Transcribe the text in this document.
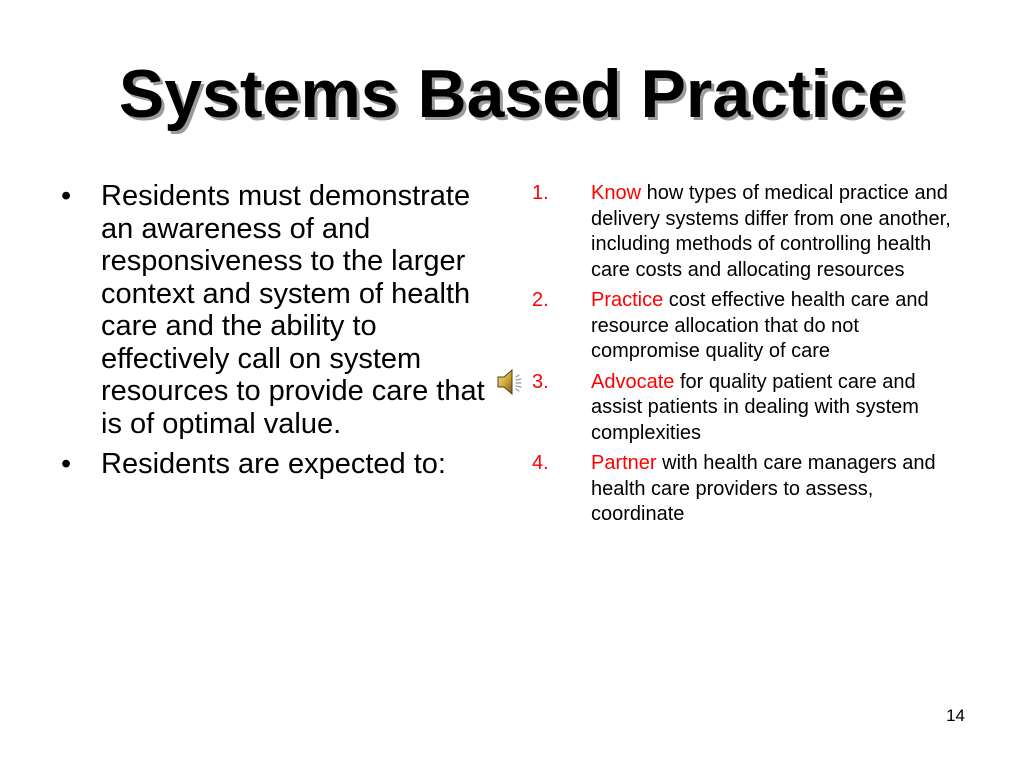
Systems Based Practice
• Residents must demonstrate an awareness of and responsiveness to the larger context and system of health care and the ability to effectively call on system resources to provide care that is of optimal value.
• Residents are expected to:
1. Know how types of medical practice and delivery systems differ from one another, including methods of controlling health care costs and allocating resources
2. Practice cost effective health care and resource allocation that do not compromise quality of care
3. Advocate for quality patient care and assist patients in dealing with system complexities
4. Partner with health care managers and health care providers to assess, coordinate
14
